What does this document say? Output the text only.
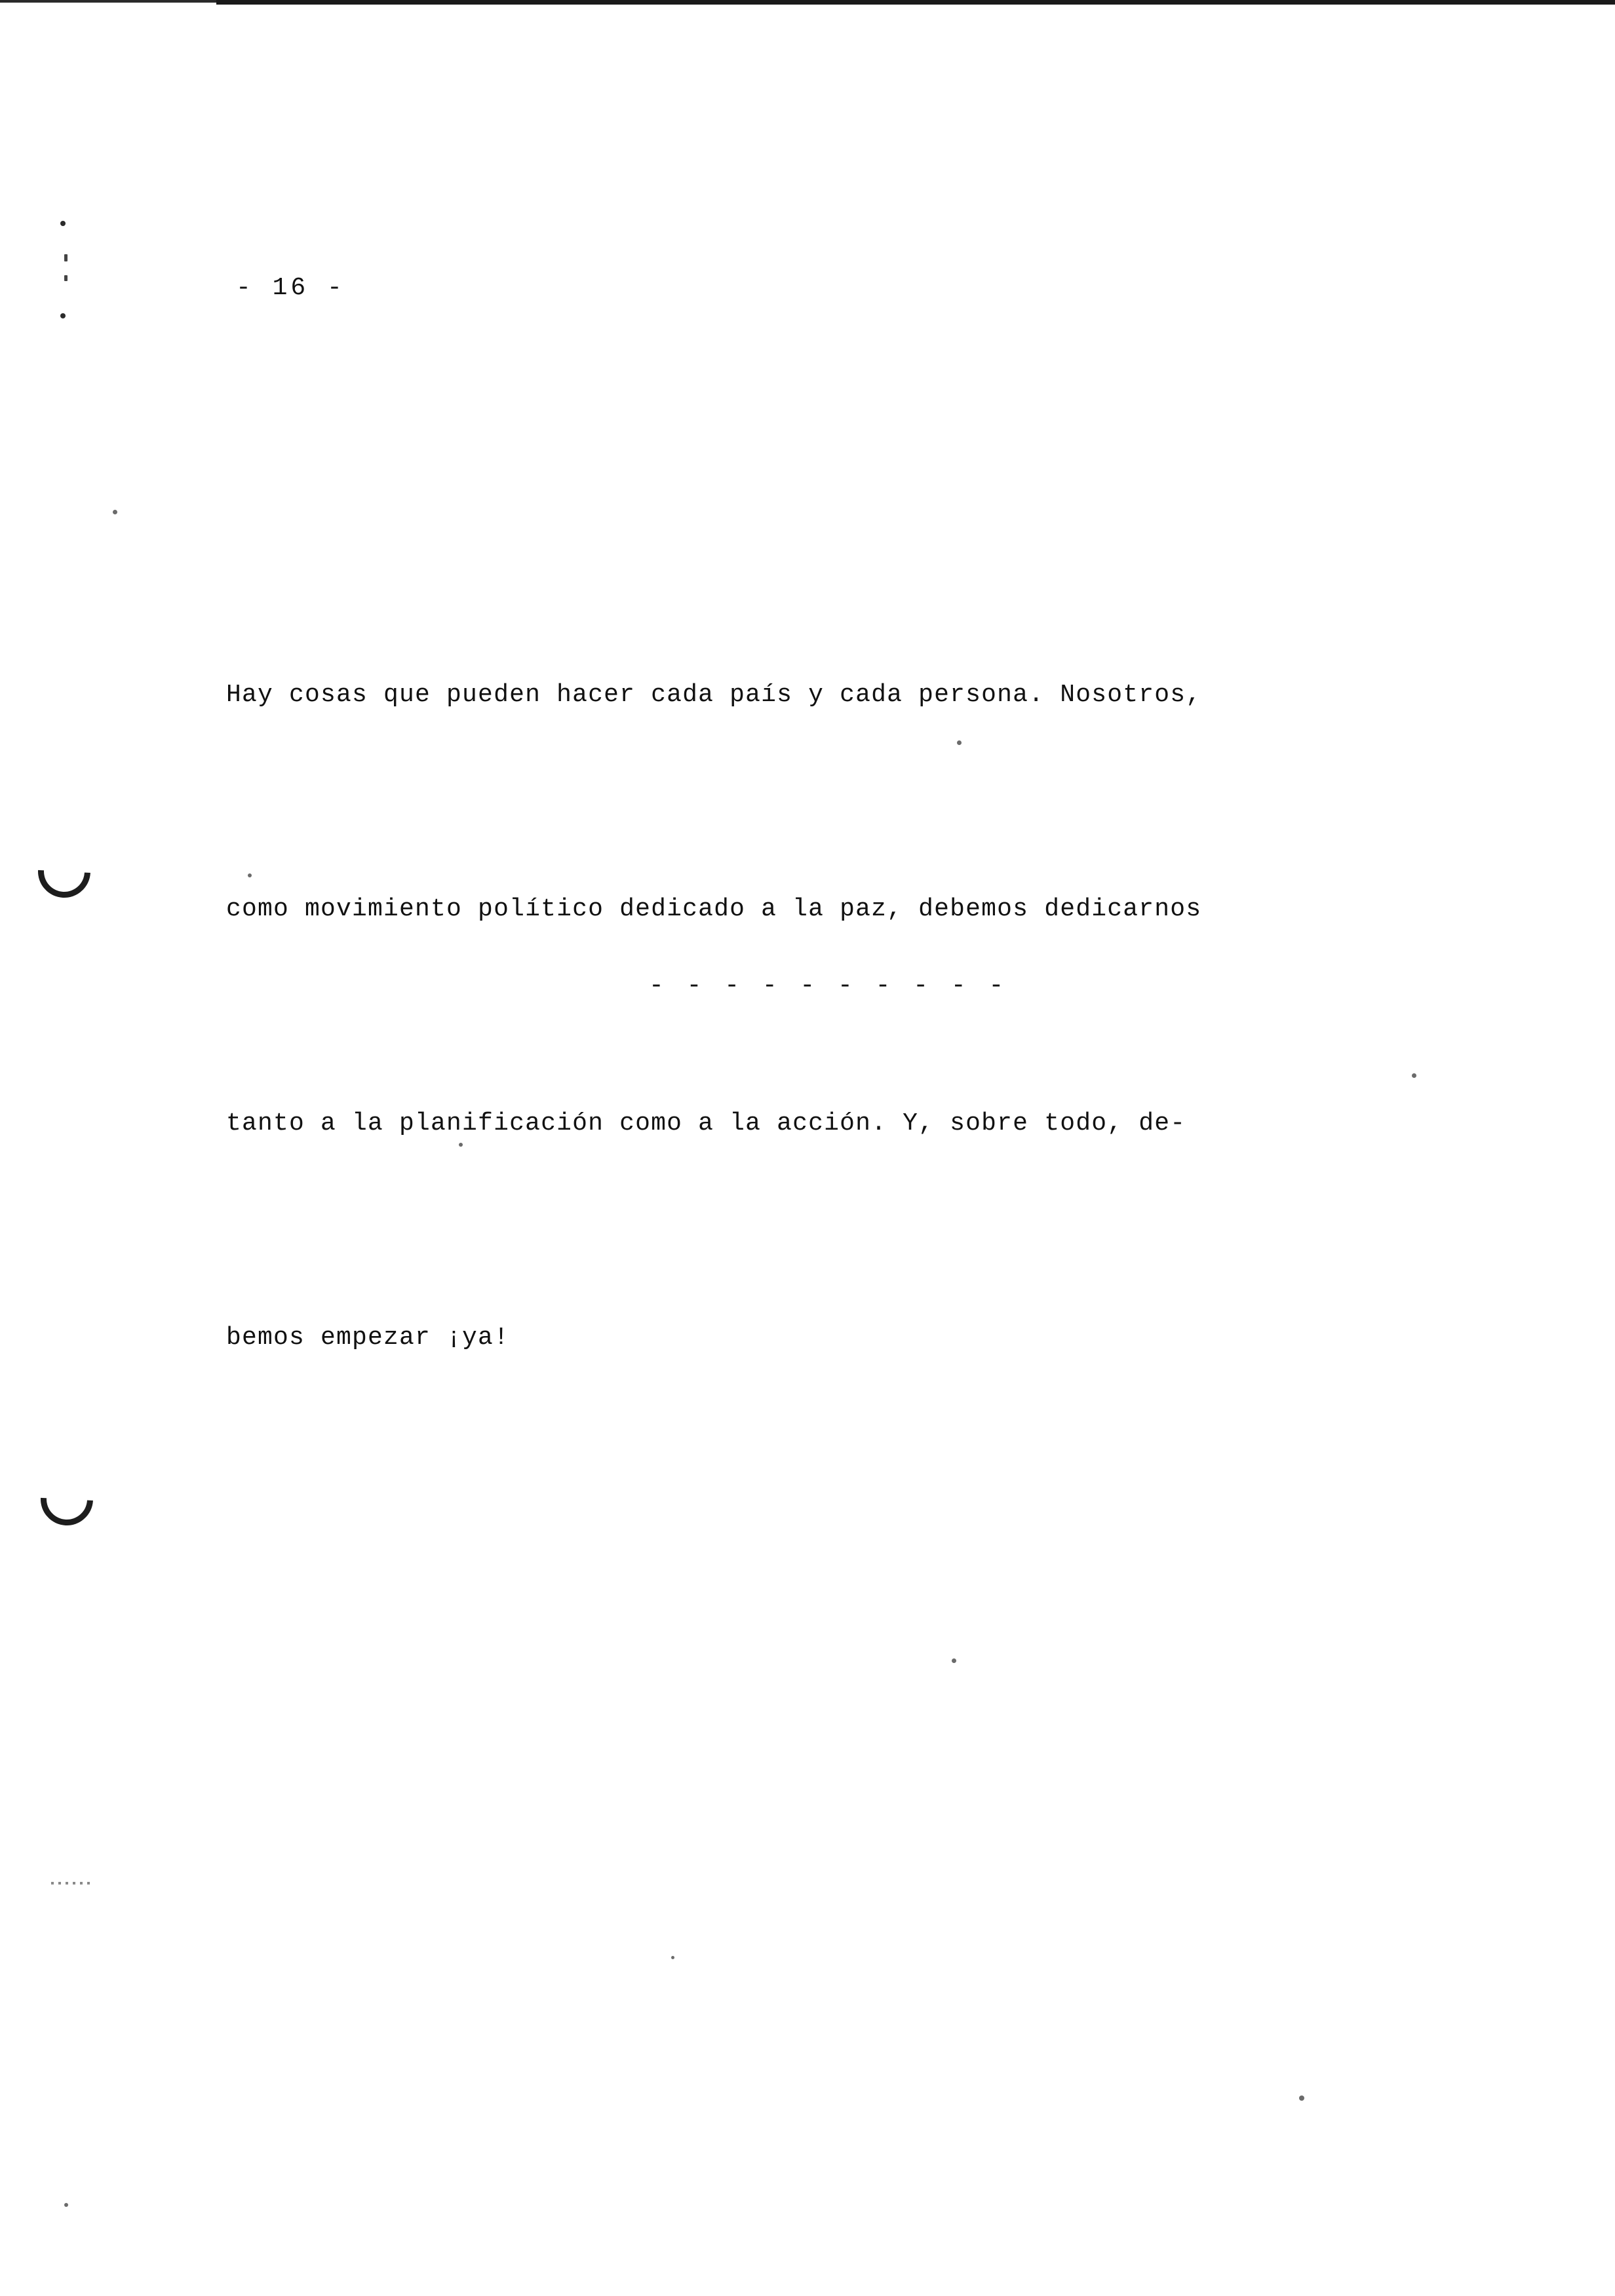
- 16 -

Hay cosas que pueden hacer cada país y cada persona. Nosotros,

como movimiento político dedicado a la paz, debemos dedicarnos

tanto a la planificación como a la acción. Y, sobre todo, de-

bemos empezar ¡ya!

- - - - - - - - - -
